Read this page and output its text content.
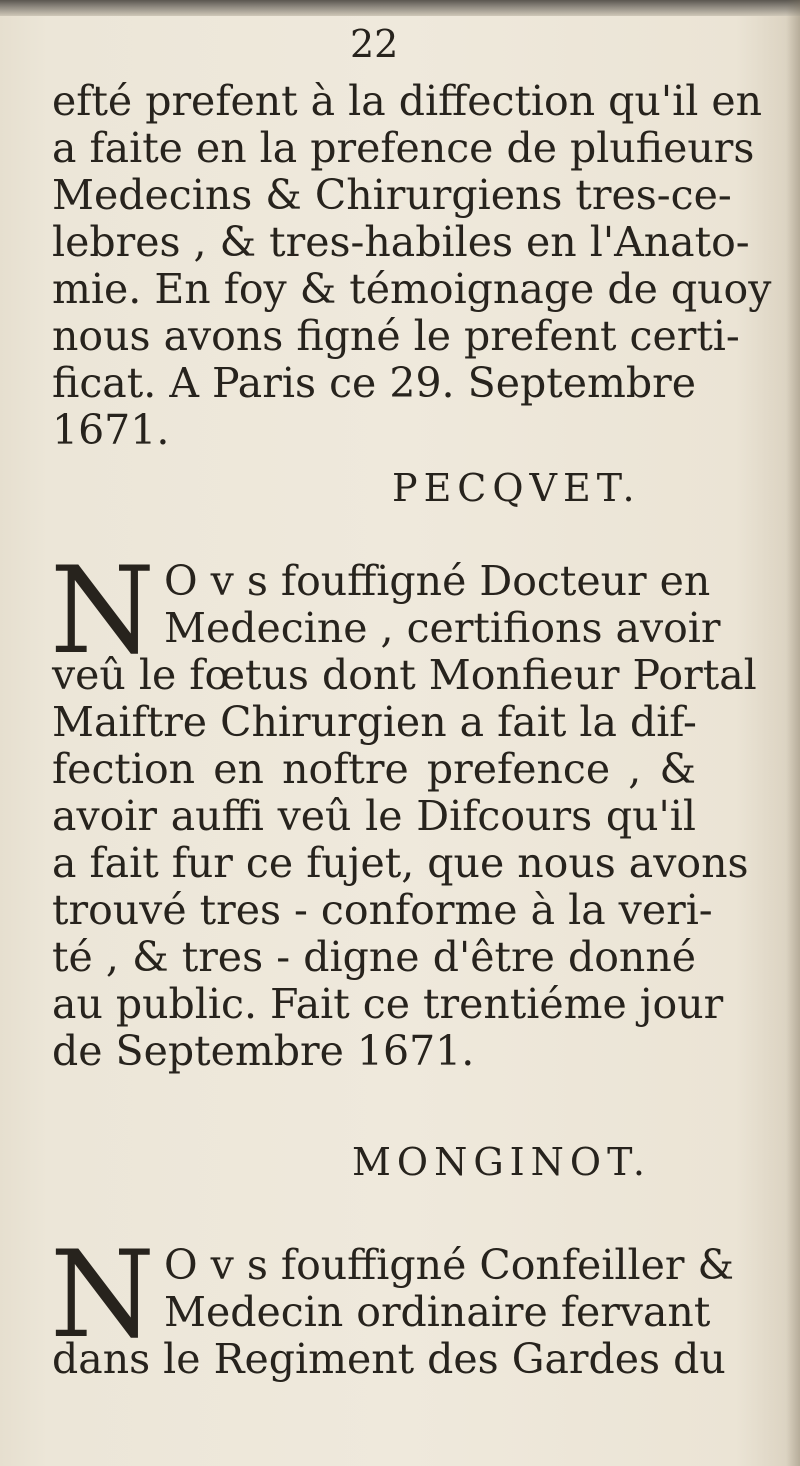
22
efté prefent à la diffection qu'il en
a faite en la prefence de plufieurs
Medecins & Chirurgiens tres-ce-
lebres , & tres-habiles en l'Anato-
mie. En foy & témoignage de quoy
nous avons figné le prefent certi-
ficat. A Paris ce 29. Septembre
1671.
PECQVET.
N O v s fouffigné Docteur en
Medecine , certifions avoir
veû le fœtus dont Monfieur Portal
Maiftre Chirurgien a fait la dif-
fection en noftre prefence , &
avoir auffi veû le Difcours qu'il
a fait fur ce fujet, que nous avons
trouvé tres - conforme à la veri-
té , & tres - digne d'être donné
au public. Fait ce trentiéme jour
de Septembre 1671.
MONGINOT.
N O v s fouffigné Confeiller &
Medecin ordinaire fervant
dans le Regiment des Gardes du
